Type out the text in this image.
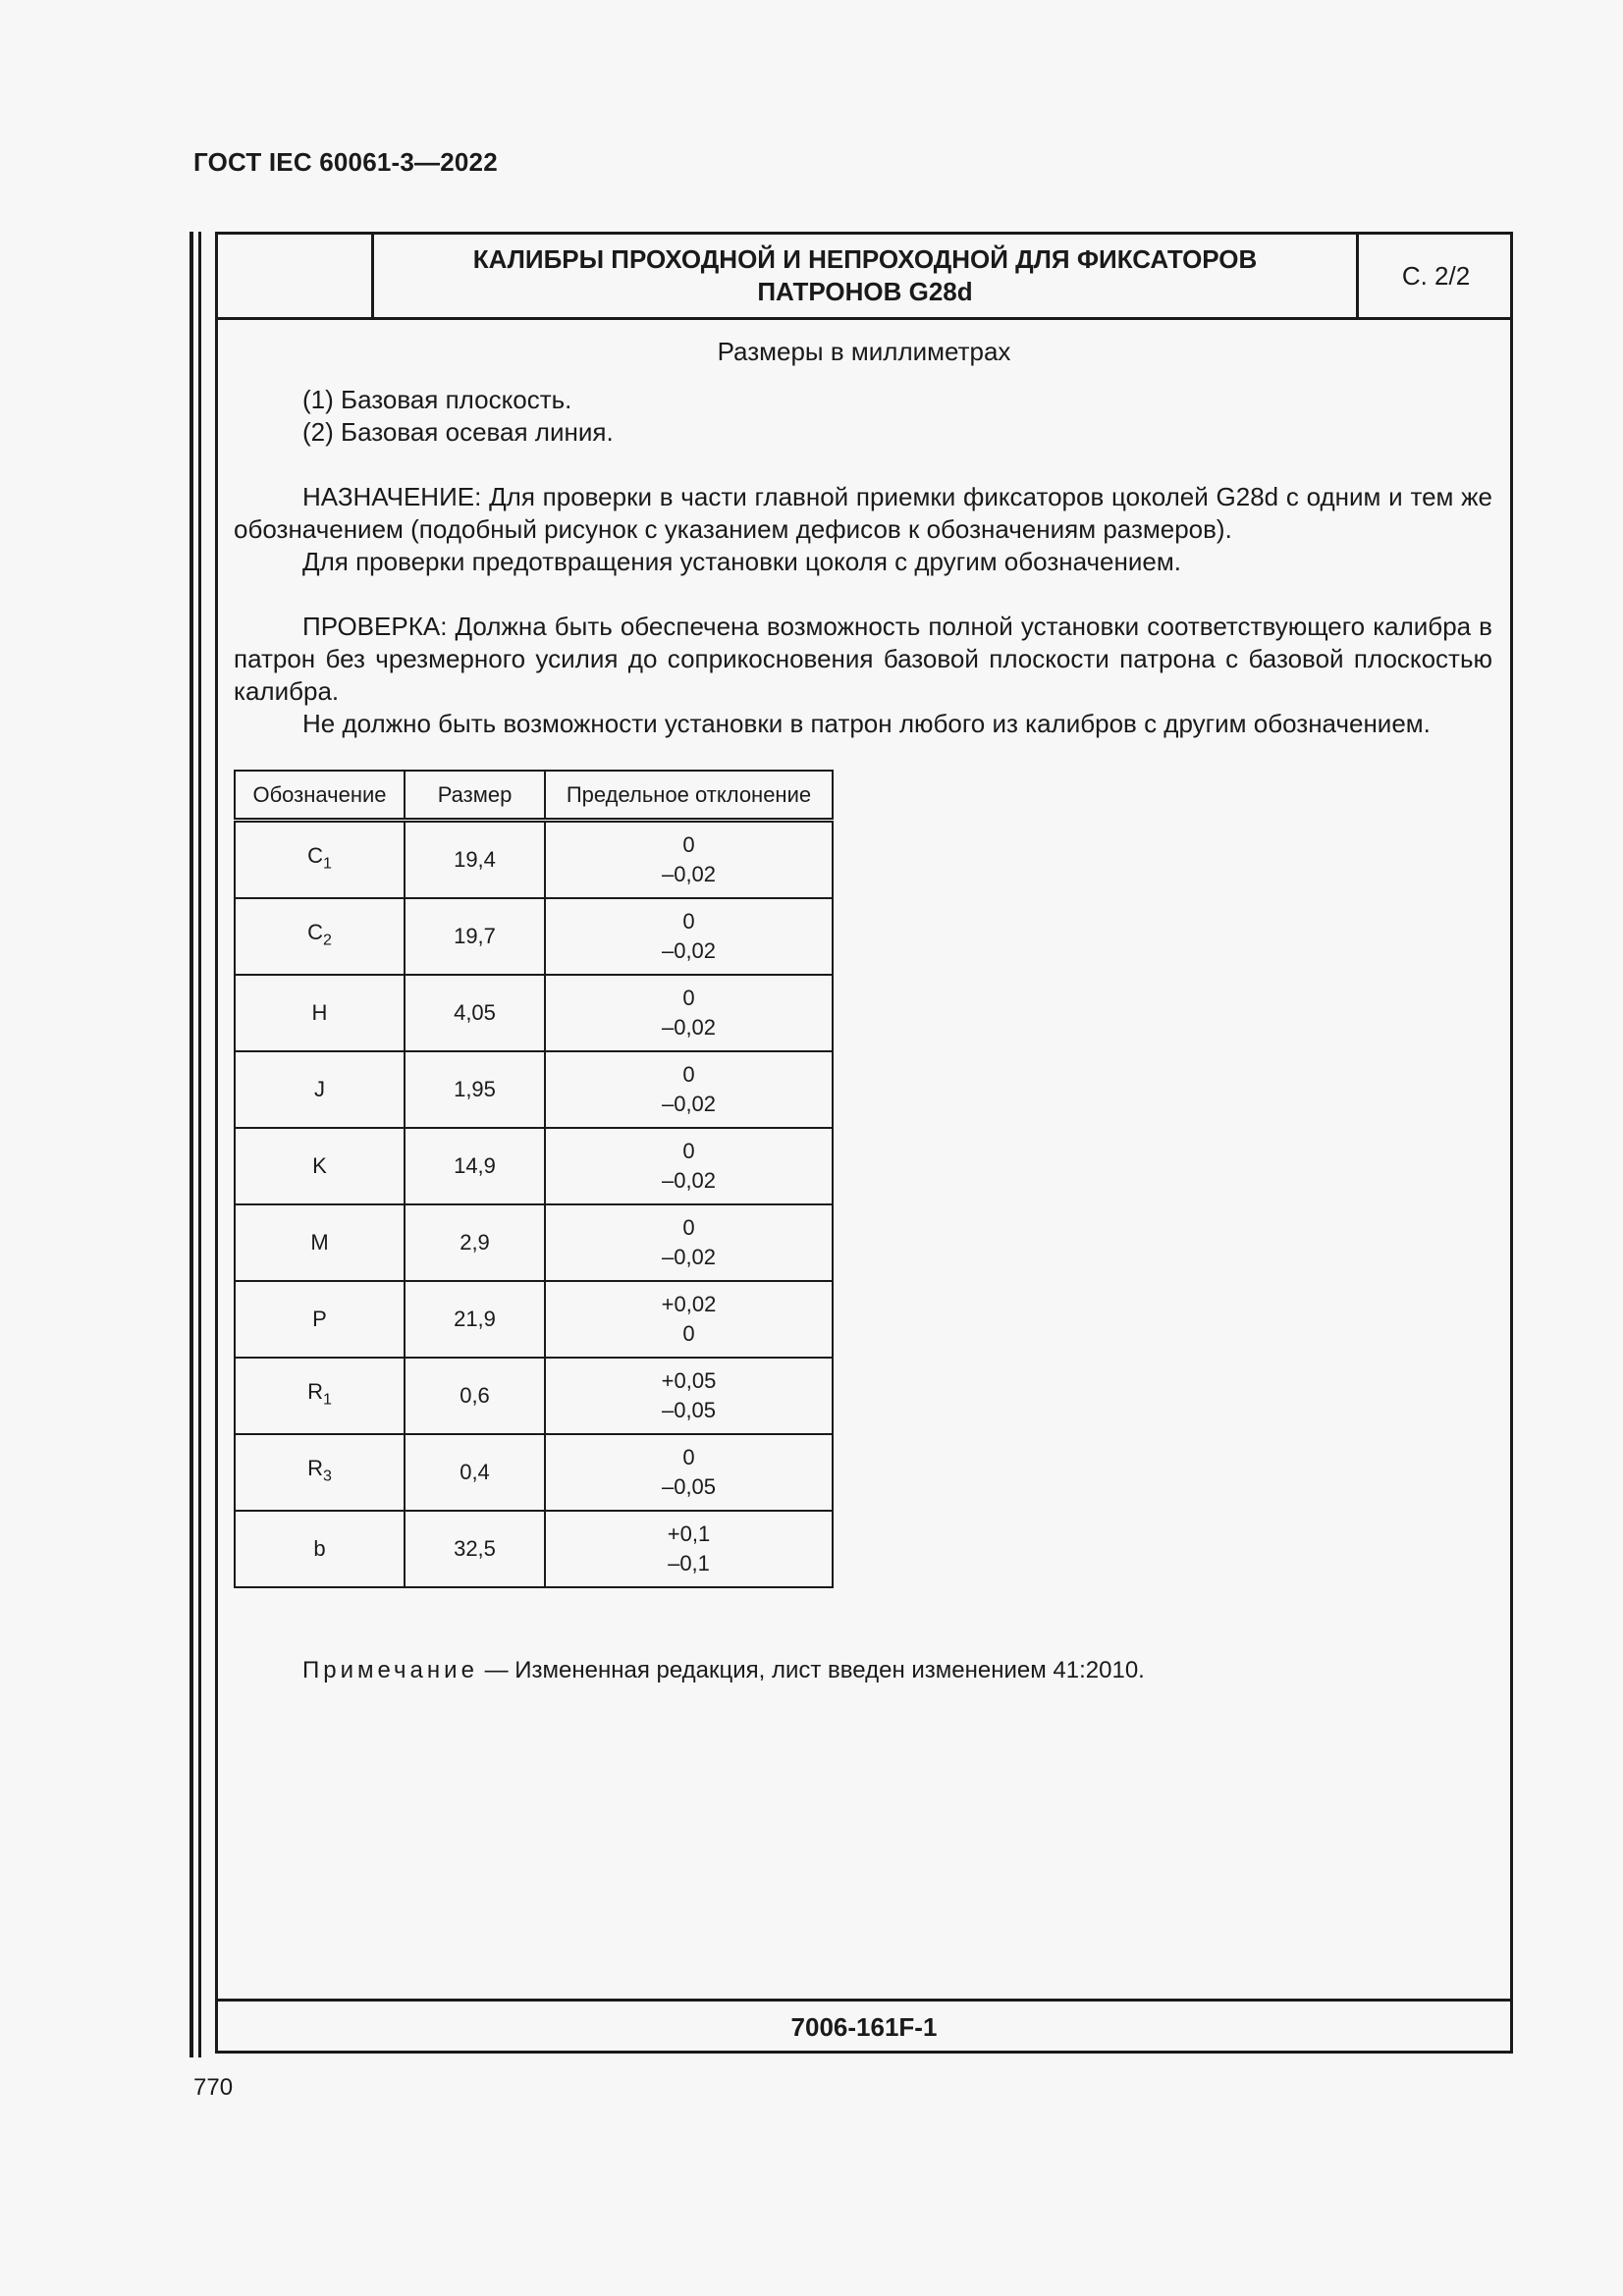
ГОСТ IEC 60061-3—2022
КАЛИБРЫ ПРОХОДНОЙ И НЕПРОХОДНОЙ ДЛЯ ФИКСАТОРОВ
ПАТРОНОВ G28d
С. 2/2
Размеры в миллиметрах

(1) Базовая плоскость.

(2) Базовая осевая линия.

НАЗНАЧЕНИЕ: Для проверки в части главной приемки фиксаторов цоколей G28d с одним и тем же обозначением (подобный рисунок с указанием дефисов к обозначениям размеров).

Для проверки предотвращения установки цоколя с другим обозначением.

ПРОВЕРКА: Должна быть обеспечена возможность полной установки соответствующего калибра в патрон без чрезмерного усилия до соприкосновения базовой плоскости патрона с базовой плоскостью калибра.

Не должно быть возможности установки в патрон любого из калибров с другим обозначением.

Обозначение	Размер	Предельное отклонение
$C_1$	19,4	0
–0,02

$C_2$	19,7	0
–0,02

H	4,05	0
–0,02

J	1,95	0
–0,02

K	14,9	0
–0,02

M	2,9	0
–0,02

P	21,9	+0,02
0

$R_1$	0,6	+0,05
–0,05

$R_3$	0,4	0
–0,05

b	32,5	+0,1
–0,1
Примечание — Измененная редакция, лист введен изменением 41:2010.
7006-161F-1
770
